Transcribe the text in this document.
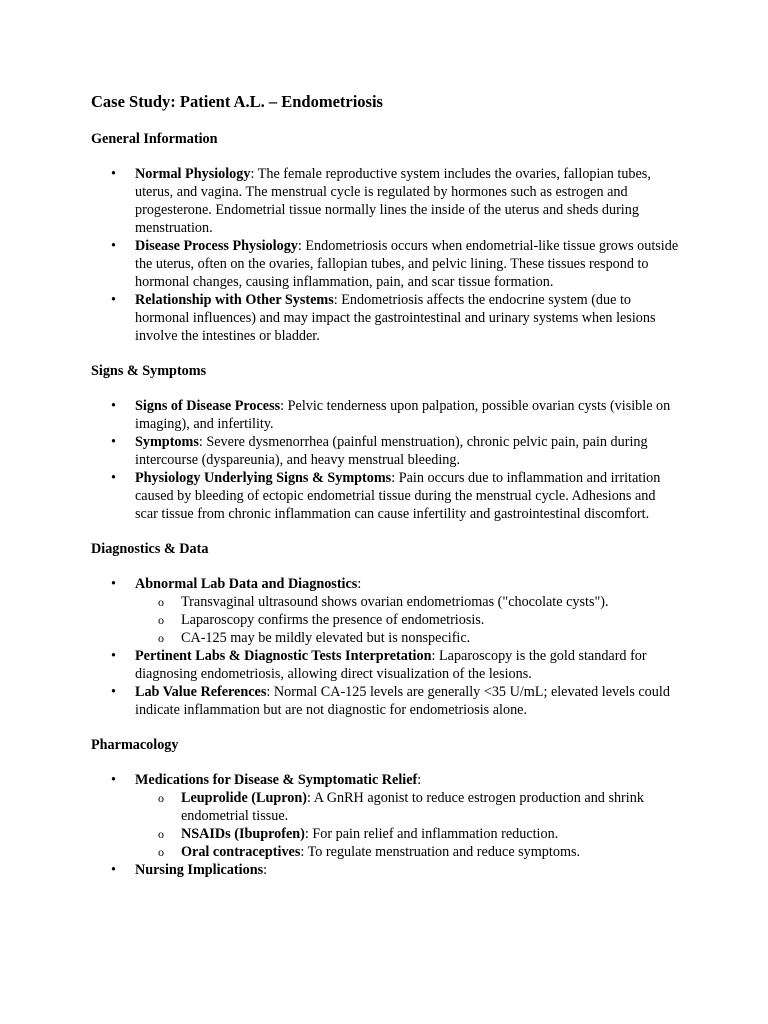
Case Study: Patient A.L. – Endometriosis
General Information
• Normal Physiology: The female reproductive system includes the ovaries, fallopian tubes, uterus, and vagina. The menstrual cycle is regulated by hormones such as estrogen and progesterone. Endometrial tissue normally lines the inside of the uterus and sheds during menstruation.
• Disease Process Physiology: Endometriosis occurs when endometrial-like tissue grows outside the uterus, often on the ovaries, fallopian tubes, and pelvic lining. These tissues respond to hormonal changes, causing inflammation, pain, and scar tissue formation.
• Relationship with Other Systems: Endometriosis affects the endocrine system (due to hormonal influences) and may impact the gastrointestinal and urinary systems when lesions involve the intestines or bladder.
Signs & Symptoms
• Signs of Disease Process: Pelvic tenderness upon palpation, possible ovarian cysts (visible on imaging), and infertility.
• Symptoms: Severe dysmenorrhea (painful menstruation), chronic pelvic pain, pain during intercourse (dyspareunia), and heavy menstrual bleeding.
• Physiology Underlying Signs & Symptoms: Pain occurs due to inflammation and irritation caused by bleeding of ectopic endometrial tissue during the menstrual cycle. Adhesions and scar tissue from chronic inflammation can cause infertility and gastrointestinal discomfort.
Diagnostics & Data
• Abnormal Lab Data and Diagnostics:
o Transvaginal ultrasound shows ovarian endometriomas ("chocolate cysts").
o Laparoscopy confirms the presence of endometriosis.
o CA-125 may be mildly elevated but is nonspecific.
• Pertinent Labs & Diagnostic Tests Interpretation: Laparoscopy is the gold standard for diagnosing endometriosis, allowing direct visualization of the lesions.
• Lab Value References: Normal CA-125 levels are generally <35 U/mL; elevated levels could indicate inflammation but are not diagnostic for endometriosis alone.
Pharmacology
• Medications for Disease & Symptomatic Relief:
o Leuprolide (Lupron): A GnRH agonist to reduce estrogen production and shrink endometrial tissue.
o NSAIDs (Ibuprofen): For pain relief and inflammation reduction.
o Oral contraceptives: To regulate menstruation and reduce symptoms.
• Nursing Implications:
